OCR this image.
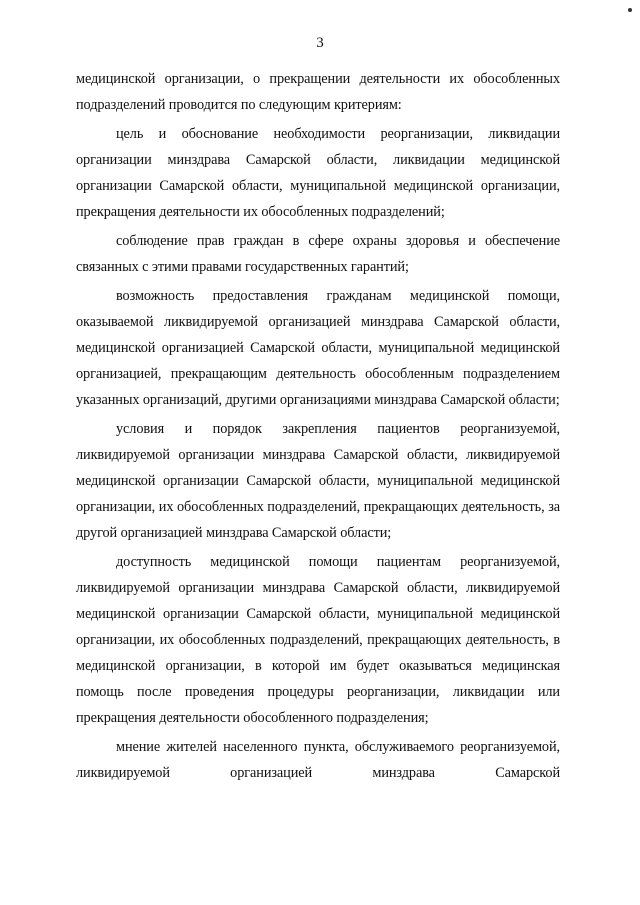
3

медицинской организации, о прекращении деятельности их обособленных подразделений проводится по следующим критериям:

цель и обоснование необходимости реорганизации, ликвидации организации минздрава Самарской области, ликвидации медицинской организации Самарской области, муниципальной медицинской организации, прекращения деятельности их обособленных подразделений;

соблюдение прав граждан в сфере охраны здоровья и обеспечение связанных с этими правами государственных гарантий;

возможность предоставления гражданам медицинской помощи, оказываемой ликвидируемой организацией минздрава Самарской области, медицинской организацией Самарской области, муниципальной медицинской организацией, прекращающим деятельность обособленным подразделением указанных организаций, другими организациями минздрава Самарской области;

условия и порядок закрепления пациентов реорганизуемой, ликвидируемой организации минздрава Самарской области, ликвидируемой медицинской организации Самарской области, муниципальной медицинской организации, их обособленных подразделений, прекращающих деятельность, за другой организацией минздрава Самарской области;

доступность медицинской помощи пациентам реорганизуемой, ликвидируемой организации минздрава Самарской области, ликвидируемой медицинской организации Самарской области, муниципальной медицинской организации, их обособленных подразделений, прекращающих деятельность, в медицинской организации, в которой им будет оказываться медицинская помощь после проведения процедуры реорганизации, ликвидации или прекращения деятельности обособленного подразделения;

мнение жителей населенного пункта, обслуживаемого реорганизуемой, ликвидируемой организацией минздрава Самарской
